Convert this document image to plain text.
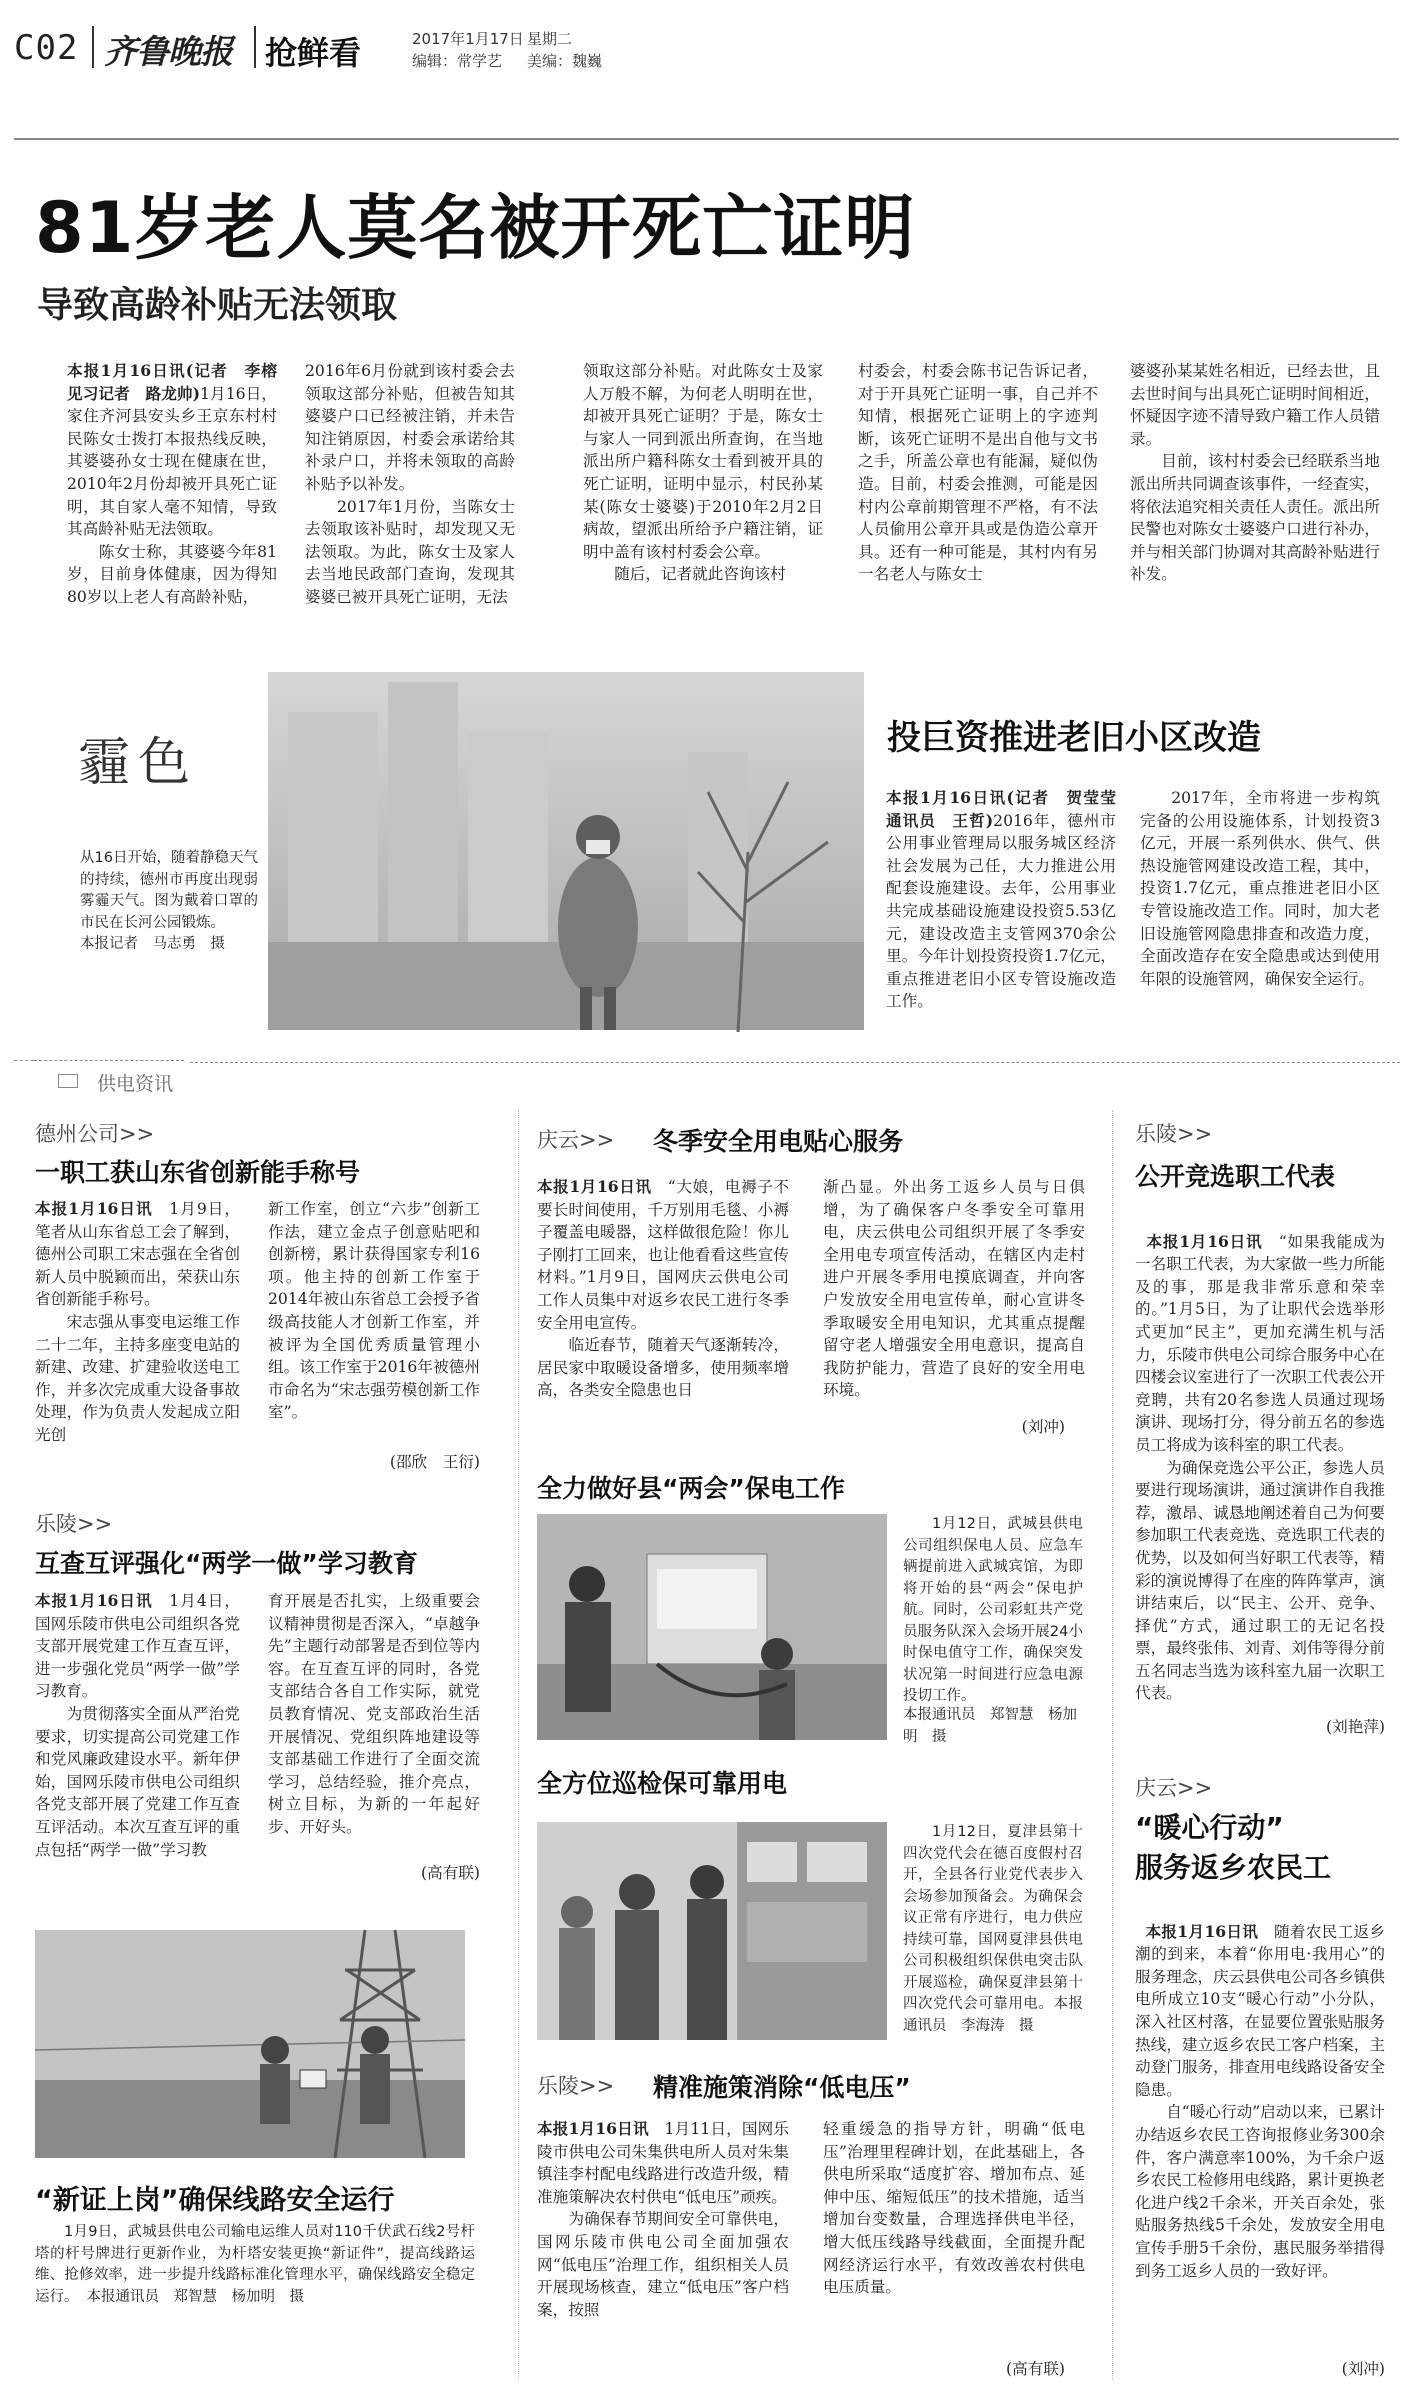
C02 齐鲁晚报 抢鲜看	2017年1月17日 星期二
编辑：常学艺 美编：魏巍
81岁老人莫名被开死亡证明
导致高龄补贴无法领取
本报1月16日讯(记者　李榕　见习记者　路龙帅)1月16日，家住齐河县安头乡王京东村村民陈女士拨打本报热线反映，其婆婆孙女士现在健康在世，2010年2月份却被开具死亡证明，其自家人毫不知情，导致其高龄补贴无法领取。
　　陈女士称，其婆婆今年81岁，目前身体健康，因为得知80岁以上老人有高龄补贴，
2016年6月份就到该村委会去领取这部分补贴，但被告知其婆婆户口已经被注销，并未告知注销原因，村委会承诺给其补录户口，并将未领取的高龄补贴予以补发。
　　2017年1月份，当陈女士去领取该补贴时，却发现又无法领取。为此，陈女士及家人去当地民政部门查询，发现其婆婆已被开具死亡证明，无法
领取这部分补贴。对此陈女士及家人万般不解，为何老人明明在世，却被开具死亡证明？于是，陈女士与家人一同到派出所查询，在当地派出所户籍科陈女士看到被开具的死亡证明，证明中显示，村民孙某某(陈女士婆婆)于2010年2月2日病故，望派出所给予户籍注销，证明中盖有该村村委会公章。
　　随后，记者就此咨询该村
村委会，村委会陈书记告诉记者，对于开具死亡证明一事，自己并不知情，根据死亡证明上的字迹判断，该死亡证明不是出自他与文书之手，所盖公章也有能漏，疑似伪造。目前，村委会推测，可能是因村内公章前期管理不严格，有不法人员偷用公章开具或是伪造公章开具。还有一种可能是，其村内有另一名老人与陈女士
婆婆孙某某姓名相近，已经去世，且去世时间与出具死亡证明时间相近，怀疑因字迹不清导致户籍工作人员错录。
　　目前，该村村委会已经联系当地派出所共同调查该事件，一经查实，将依法追究相关责任人责任。派出所民警也对陈女士婆婆户口进行补办，并与相关部门协调对其高龄补贴进行补发。
霾色
从16日开始，随着静稳天气的持续，德州市再度出现弱雾霾天气。图为戴着口罩的市民在长河公园锻炼。
本报记者　马志勇　摄
投巨资推进老旧小区改造
本报1月16日讯(记者　贺莹莹　通讯员　王哲)2016年，德州市公用事业管理局以服务城区经济社会发展为己任，大力推进公用配套设施建设。去年，公用事业共完成基础设施建设投资5.53亿元，建设改造主支管网370余公里。今年计划投资投资1.7亿元，重点推进老旧小区专管设施改造工作。
2017年，全市将进一步构筑完备的公用设施体系，计划投资3亿元，开展一系列供水、供气、供热设施管网建设改造工程，其中，投资1.7亿元，重点推进老旧小区专管设施改造工作。同时，加大老旧设施管网隐患排查和改造力度，全面改造存在安全隐患或达到使用年限的设施管网，确保安全运行。
供电资讯
德州公司>>
一职工获山东省创新能手称号
本报1月16日讯　 1月9日，笔者从山东省总工会了解到，德州公司职工宋志强在全省创新人员中脱颖而出，荣获山东省创新能手称号。
　　宋志强从事变电运维工作二十二年，主持多座变电站的新建、改建、扩建验收送电工作，并多次完成重大设备事故处理，作为负责人发起成立阳光创
新工作室，创立“六步”创新工作法，建立金点子创意贴吧和创新榜，累计获得国家专利16项。他主持的创新工作室于2014年被山东省总工会授予省级高技能人才创新工作室，并被评为全国优秀质量管理小组。该工作室于2016年被德州市命名为“宋志强劳模创新工作室”。
(邵欣　王衍)
乐陵>>
互查互评强化“两学一做”学习教育
本报1月16日讯　 1月4日，国网乐陵市供电公司组织各党支部开展党建工作互查互评，进一步强化党员“两学一做”学习教育。
　　为贯彻落实全面从严治党要求，切实提高公司党建工作和党风廉政建设水平。新年伊始，国网乐陵市供电公司组织各党支部开展了党建工作互查互评活动。本次互查互评的重点包括“两学一做”学习教
育开展是否扎实，上级重要会议精神贯彻是否深入，“卓越争先”主题行动部署是否到位等内容。在互查互评的同时，各党支部结合各自工作实际，就党员教育情况、党支部政治生活开展情况、党组织阵地建设等支部基础工作进行了全面交流学习，总结经验，推介亮点，树立目标，为新的一年起好步、开好头。
(高有联)
“新证上岗”确保线路安全运行
1月9日，武城县供电公司输电运维人员对110千伏武石线2号杆塔的杆号牌进行更新作业，为杆塔安装更换“新证件”，提高线路运维、抢修效率，进一步提升线路标准化管理水平，确保线路安全稳定运行。 本报通讯员　郑智慧　杨加明　摄
庆云>> 冬季安全用电贴心服务
本报1月16日讯　 “大娘，电褥子不要长时间使用，千万别用毛毯、小褥子覆盖电暖器，这样做很危险！你儿子刚打工回来，也让他看看这些宣传材料。”1月9日，国网庆云供电公司工作人员集中对返乡农民工进行冬季安全用电宣传。
　　临近春节，随着天气逐渐转冷，居民家中取暖设备增多，使用频率增高，各类安全隐患也日
渐凸显。外出务工返乡人员与日俱增，为了确保客户冬季安全可靠用电，庆云供电公司组织开展了冬季安全用电专项宣传活动，在辖区内走村进户开展冬季用电摸底调查，并向客户发放安全用电宣传单，耐心宣讲冬季取暖安全用电知识，尤其重点提醒留守老人增强安全用电意识，提高自我防护能力，营造了良好的安全用电环境。
(刘冲)
全力做好县“两会”保电工作
1月12日，武城县供电公司组织保电人员、应急车辆提前进入武城宾馆，为即将开始的县“两会”保电护航。同时，公司彩虹共产党员服务队深入会场开展24小时保电值守工作，确保突发状况第一时间进行应急电源投切工作。
本报通讯员　郑智慧　杨加明　摄
全方位巡检保可靠用电
1月12日，夏津县第十四次党代会在德百度假村召开，全县各行业党代表步入会场参加预备会。为确保会议正常有序进行，电力供应持续可靠，国网夏津县供电公司积极组织保供电突击队开展巡检，确保夏津县第十四次党代会可靠用电。本报通讯员　李海涛　摄
乐陵>> 精准施策消除“低电压”
本报1月16日讯　 1月11日，国网乐陵市供电公司朱集供电所人员对朱集镇洼李村配电线路进行改造升级，精准施策解决农村供电“低电压”顽疾。
　　为确保春节期间安全可靠供电，国网乐陵市供电公司全面加强农网“低电压”治理工作，组织相关人员开展现场核查，建立“低电压”客户档案，按照
轻重缓急的指导方针，明确“低电压”治理里程碑计划，在此基础上，各供电所采取“适度扩容、增加布点、延伸中压、缩短低压”的技术措施，适当增加台变数量，合理选择供电半径，增大低压线路导线截面，全面提升配网经济运行水平，有效改善农村供电电压质量。
(高有联)
乐陵>>
公开竞选职工代表

本报1月16日讯　 “如果我能成为一名职工代表，为大家做一些力所能及的事，那是我非常乐意和荣幸的。”1月5日，为了让职代会选举形式更加“民主”，更加充满生机与活力，乐陵市供电公司综合服务中心在四楼会议室进行了一次职工代表公开竞聘，共有20名参选人员通过现场演讲、现场打分，得分前五名的参选员工将成为该科室的职工代表。
　　为确保竞选公平公正，参选人员要进行现场演讲，通过演讲作自我推荐，激昂、诚恳地阐述着自己为何要参加职工代表竞选、竞选职工代表的优势，以及如何当好职工代表等，精彩的演说博得了在座的阵阵掌声，演讲结束后，以“民主、公开、竞争、择优”方式，通过职工的无记名投票，最终张伟、刘青、刘伟等得分前五名同志当选为该科室九届一次职工代表。

(刘艳萍)
庆云>>
“暖心行动”
服务返乡农民工

本报1月16日讯　 随着农民工返乡潮的到来，本着“你用电·我用心”的服务理念，庆云县供电公司各乡镇供电所成立10支“暖心行动”小分队，深入社区村落，在显要位置张贴服务热线，建立返乡农民工客户档案，主动登门服务，排查用电线路设备安全隐患。
　　自“暖心行动”启动以来，已累计办结返乡农民工咨询报修业务300余件，客户满意率100%，为千余户返乡农民工检修用电线路，累计更换老化进户线2千余米，开关百余处，张贴服务热线5千余处，发放安全用电宣传手册5千余份，惠民服务举措得到务工返乡人员的一致好评。

(刘冲)
